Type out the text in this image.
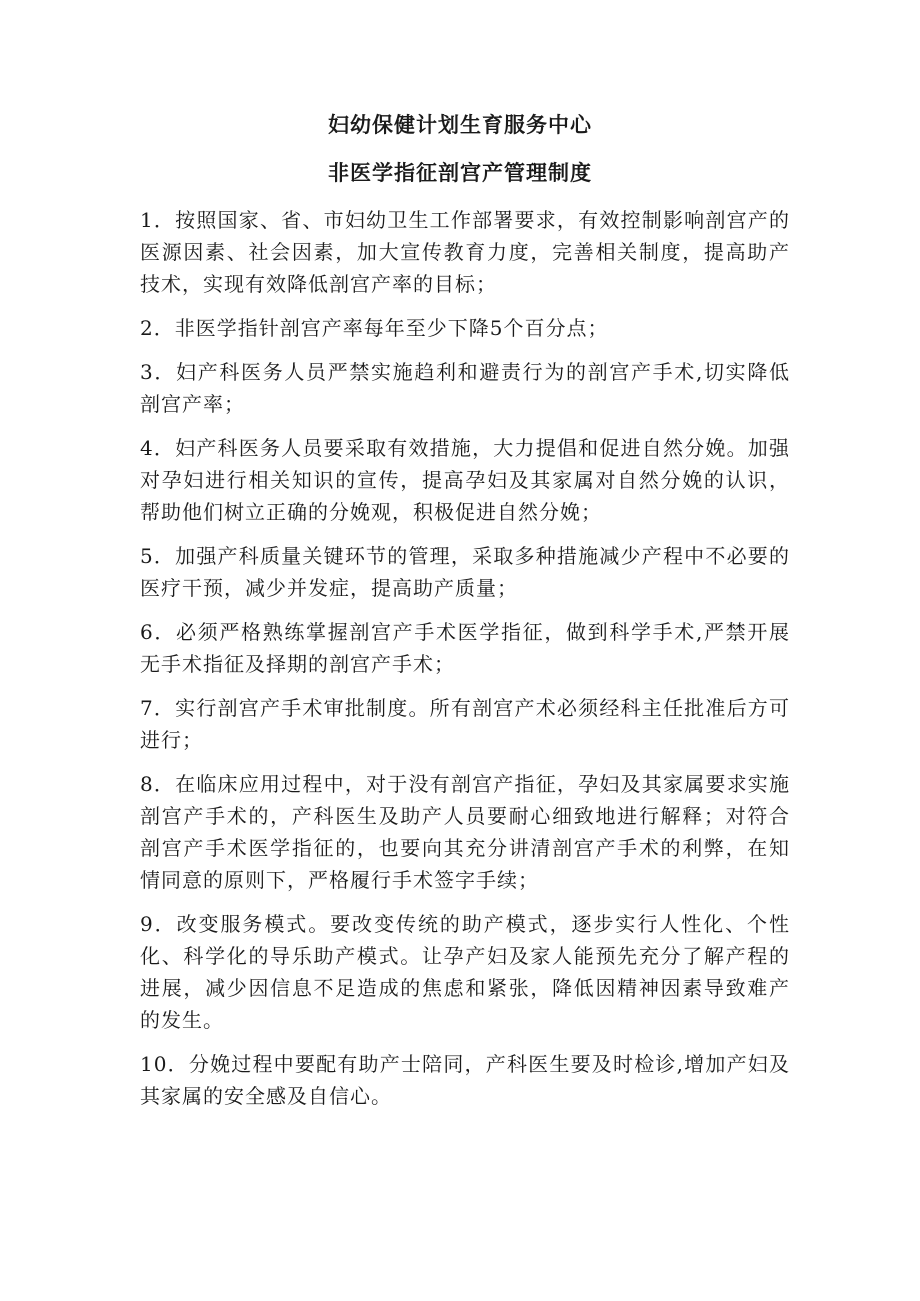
妇幼保健计划生育服务中心
非医学指征剖宫产管理制度
1．按照国家、省、市妇幼卫生工作部署要求，有效控制影响剖宫产的医源因素、社会因素，加大宣传教育力度，完善相关制度，提高助产技术，实现有效降低剖宫产率的目标；
2．非医学指针剖宫产率每年至少下降5个百分点；
3．妇产科医务人员严禁实施趋利和避责行为的剖宫产手术,切实降低剖宫产率；
4．妇产科医务人员要采取有效措施，大力提倡和促进自然分娩。加强对孕妇进行相关知识的宣传，提高孕妇及其家属对自然分娩的认识，帮助他们树立正确的分娩观，积极促进自然分娩；
5．加强产科质量关键环节的管理，采取多种措施减少产程中不必要的医疗干预，减少并发症，提高助产质量；
6．必须严格熟练掌握剖宫产手术医学指征，做到科学手术,严禁开展无手术指征及择期的剖宫产手术；
7．实行剖宫产手术审批制度。所有剖宫产术必须经科主任批准后方可进行；
8．在临床应用过程中，对于没有剖宫产指征，孕妇及其家属要求实施剖宫产手术的，产科医生及助产人员要耐心细致地进行解释；对符合剖宫产手术医学指征的，也要向其充分讲清剖宫产手术的利弊，在知情同意的原则下，严格履行手术签字手续；
9．改变服务模式。要改变传统的助产模式，逐步实行人性化、个性化、科学化的导乐助产模式。让孕产妇及家人能预先充分了解产程的进展，减少因信息不足造成的焦虑和紧张，降低因精神因素导致难产的发生。
10．分娩过程中要配有助产士陪同，产科医生要及时检诊,增加产妇及其家属的安全感及自信心。
